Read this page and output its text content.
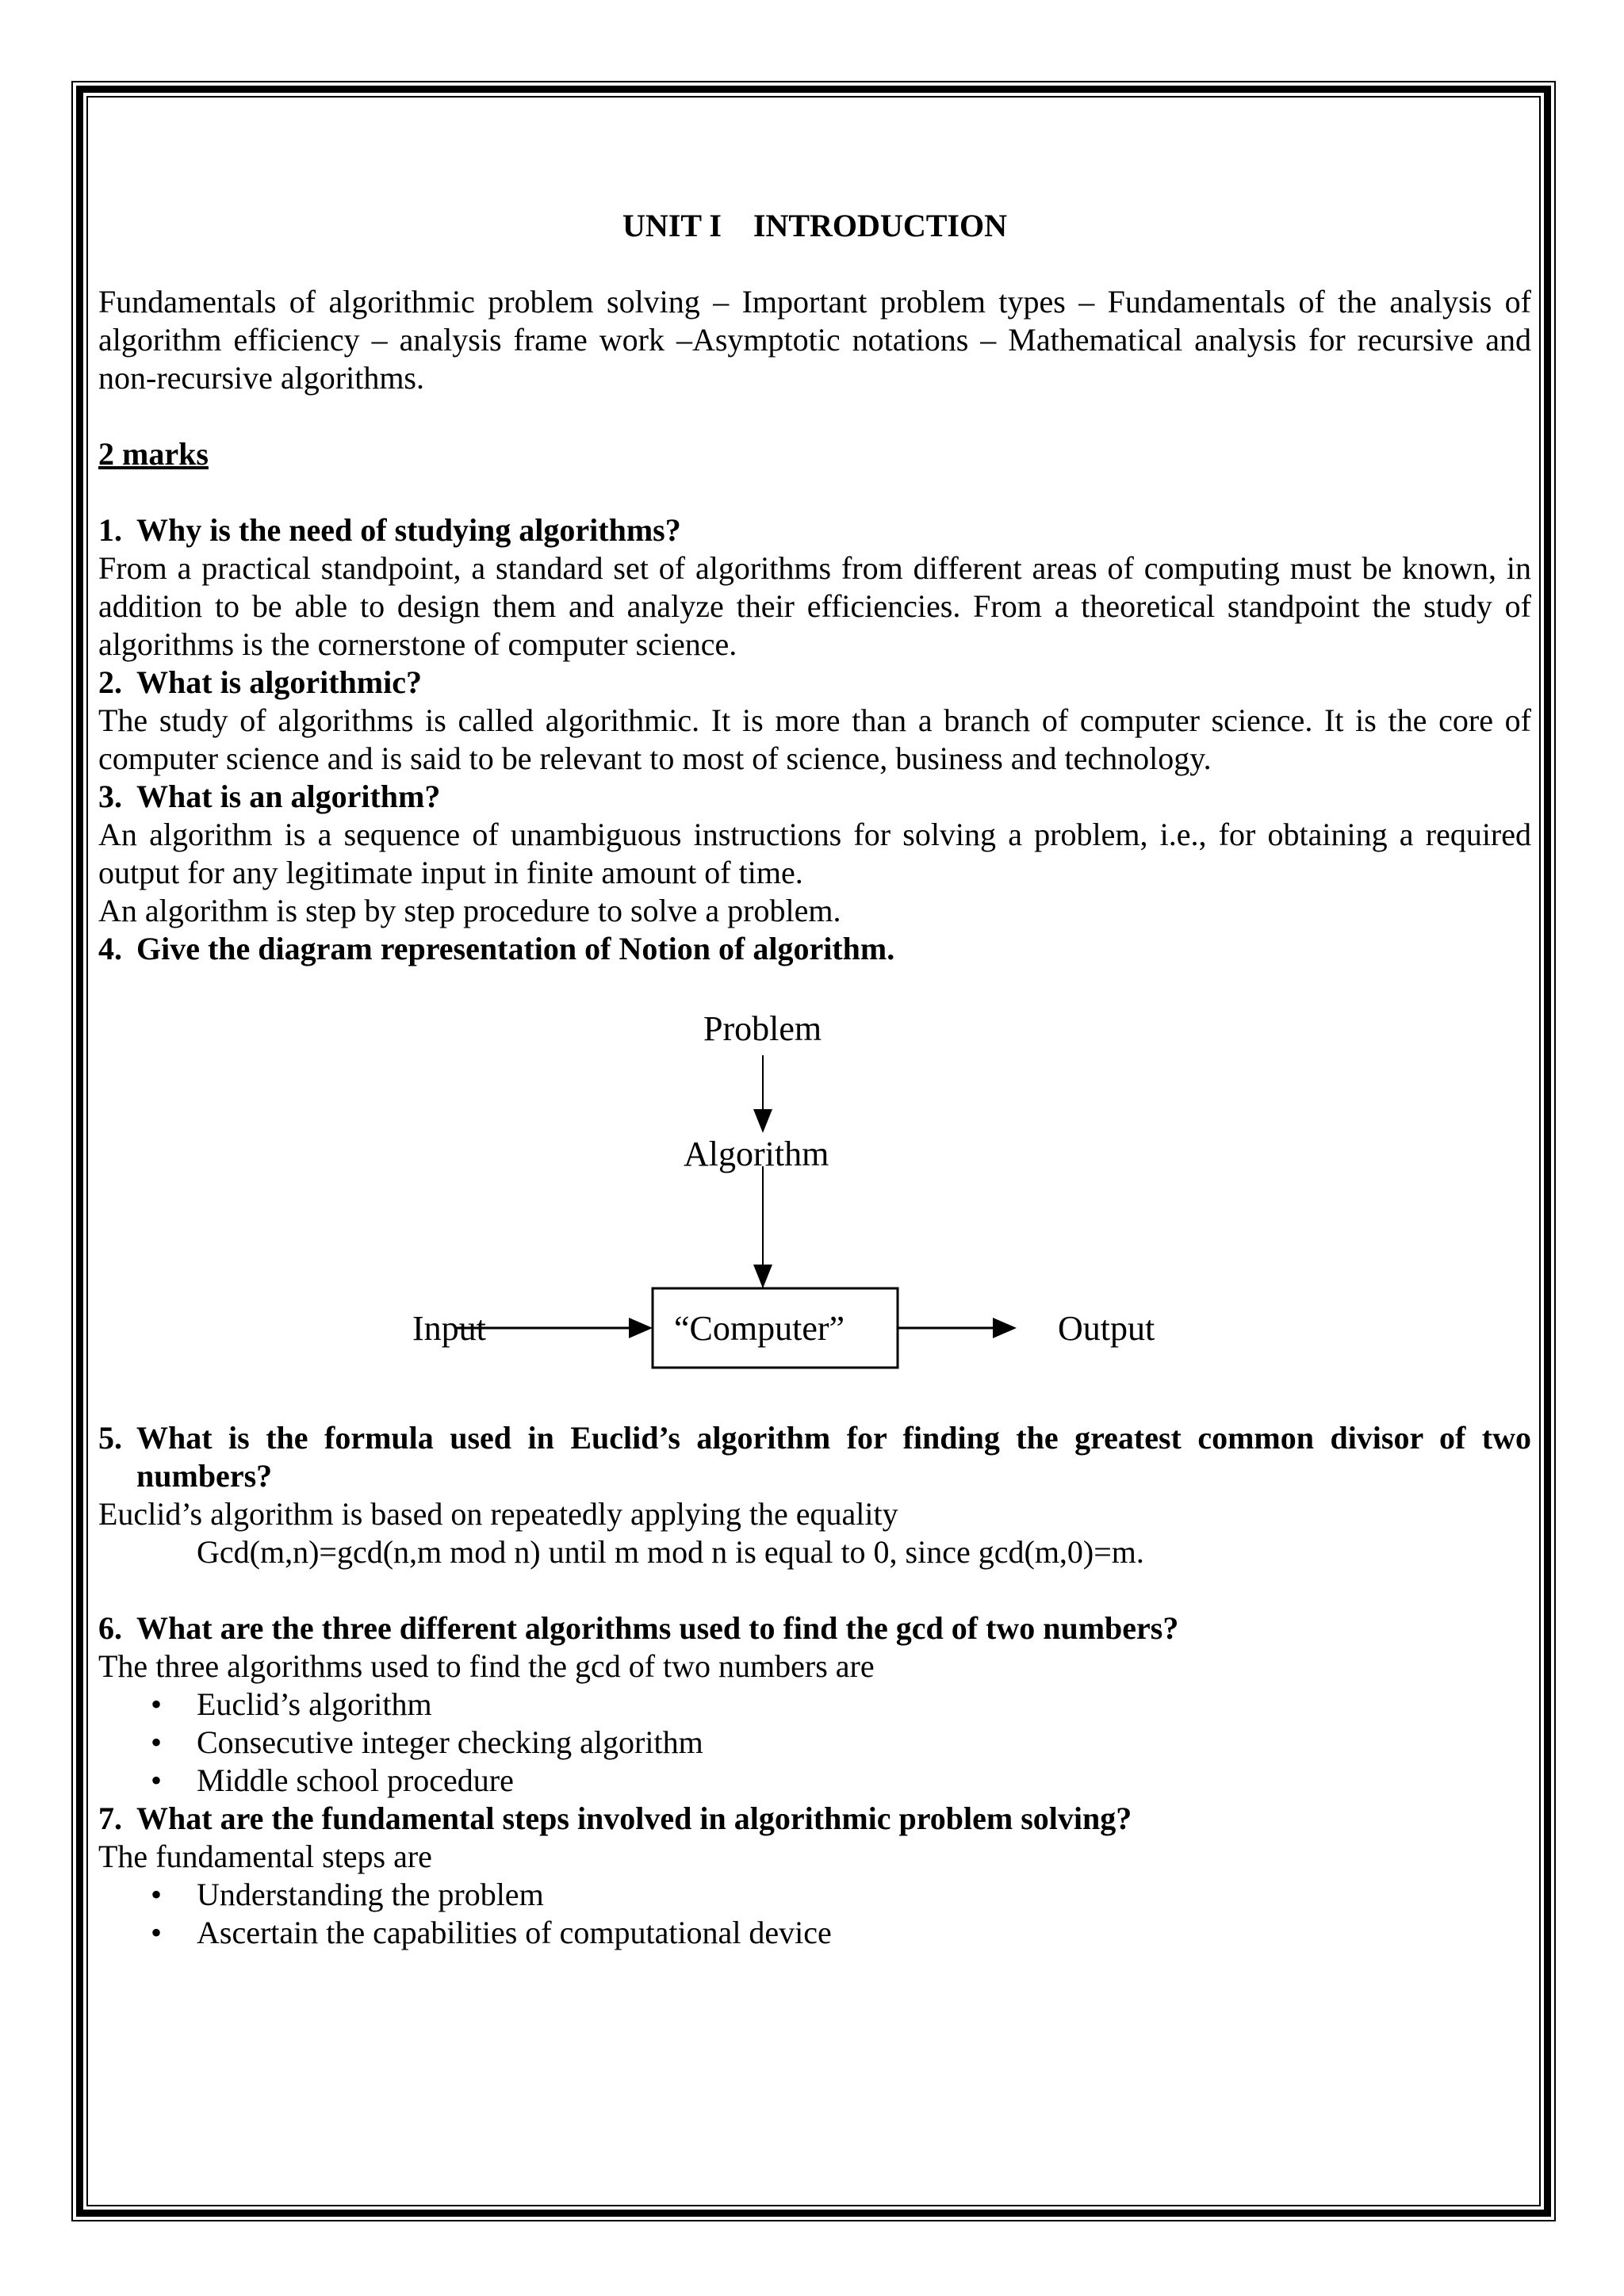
UNIT I    INTRODUCTION

Fundamentals of algorithmic problem solving – Important problem types – Fundamentals of the analysis of algorithm efficiency – analysis frame work –Asymptotic notations – Mathematical analysis for recursive and non-recursive algorithms.

2 marks
1. Why is the need of studying algorithms?

From a practical standpoint, a standard set of algorithms from different areas of computing must be known, in addition to be able to design them and analyze their efficiencies. From a theoretical standpoint the study of algorithms is the cornerstone of computer science.

2. What is algorithmic?

The study of algorithms is called algorithmic. It is more than a branch of computer science. It is the core of computer science and is said to be relevant to most of science, business and technology.

3. What is an algorithm?

An algorithm is a sequence of unambiguous instructions for solving a problem, i.e., for obtaining a required output for any legitimate input in finite amount of time.

An algorithm is step by step procedure to solve a problem.

4. Give the diagram representation of Notion of algorithm.
Problem
Algorithm
“Computer”
Input	Output
5. What is the formula used in Euclid’s algorithm for finding the greatest common divisor of two numbers?

Euclid’s algorithm is based on repeatedly applying the equality

Gcd(m,n)=gcd(n,m mod n) until m mod n is equal to 0, since gcd(m,0)=m.
6. What are the three different algorithms used to find the gcd of two numbers?

The three algorithms used to find the gcd of two numbers are

• Euclid’s algorithm
• Consecutive integer checking algorithm
• Middle school procedure
7. What are the fundamental steps involved in algorithmic problem solving?

The fundamental steps are

• Understanding the problem
• Ascertain the capabilities of computational device
